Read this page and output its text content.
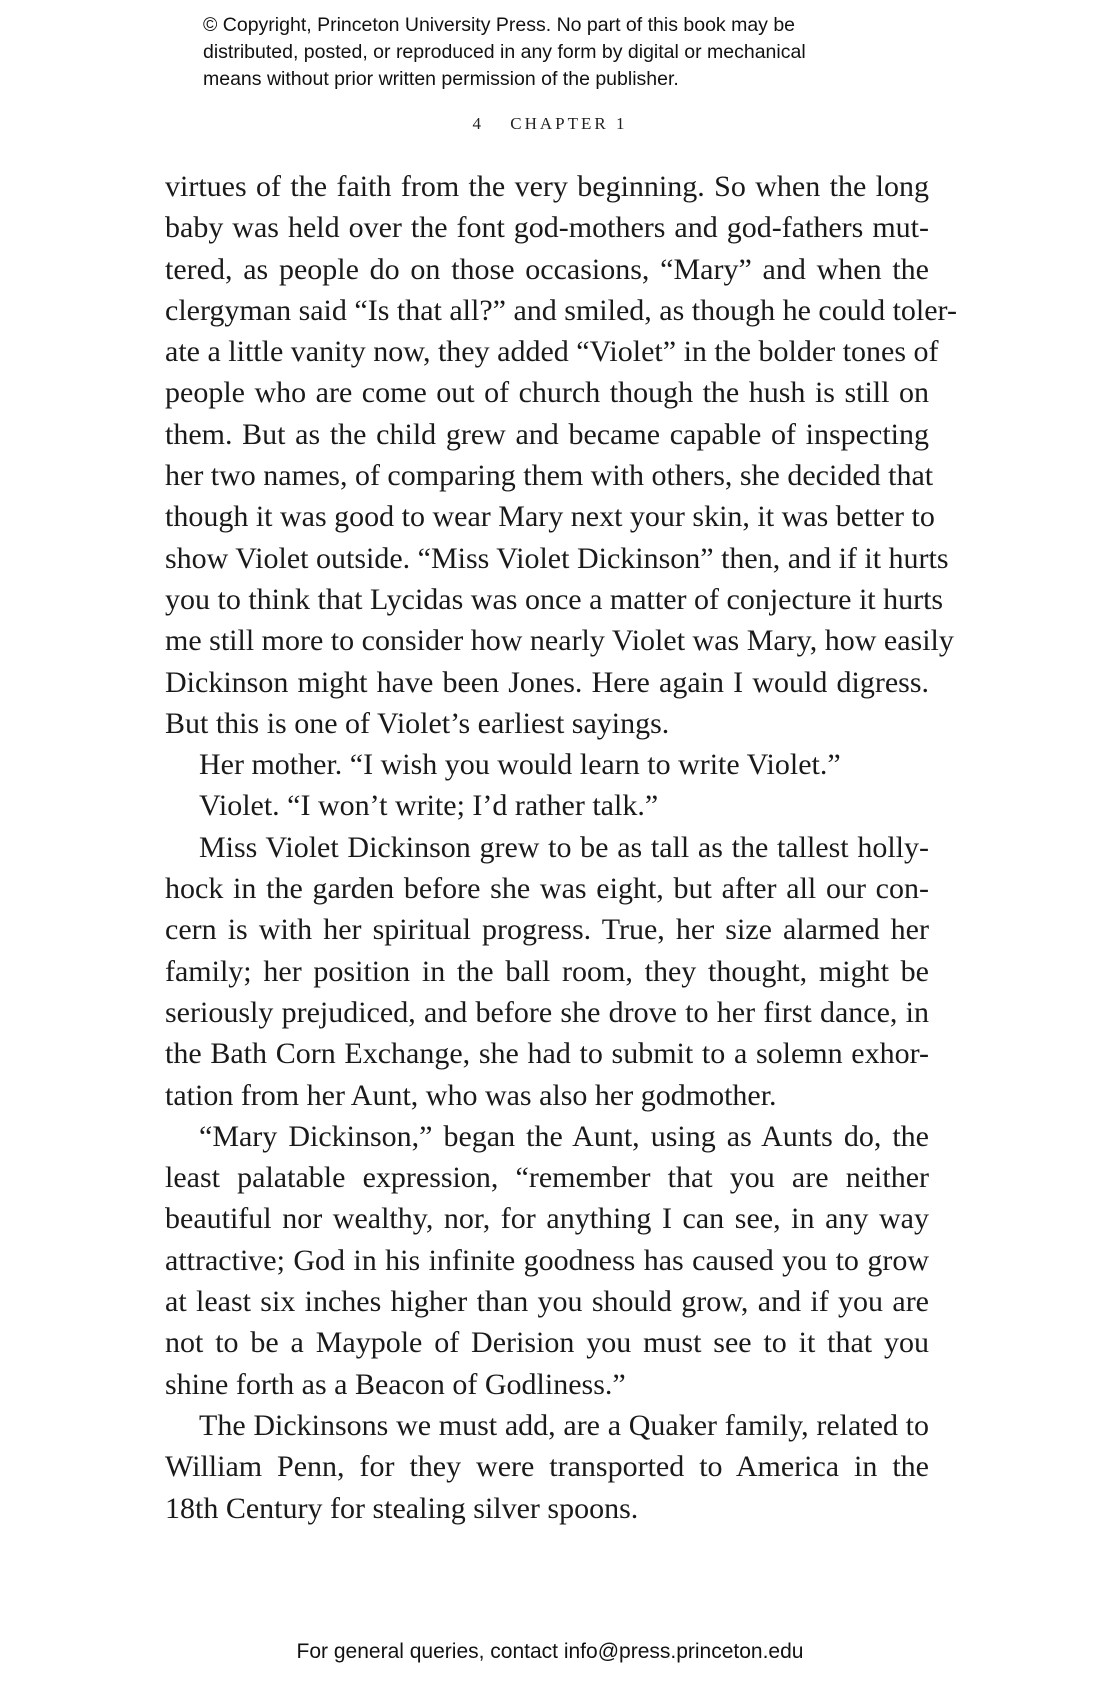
© Copyright, Princeton University Press. No part of this book may be
distributed, posted, or reproduced in any form by digital or mechanical
means without prior written permission of the publisher.
4 CHAPTER 1
virtues of the faith from the very beginning. So when the long
baby was held over the font god-mothers and god-fathers mut-
tered, as people do on those occasions, “Mary” and when the
clergyman said “Is that all?” and smiled, as though he could toler-
ate a little vanity now, they added “Violet” in the bolder tones of
people who are come out of church though the hush is still on
them. But as the child grew and became capable of inspecting
her two names, of comparing them with others, she decided that
though it was good to wear Mary next your skin, it was better to
show Violet outside. “Miss Violet Dickinson” then, and if it hurts
you to think that Lycidas was once a matter of conjecture it hurts
me still more to consider how nearly Violet was Mary, how easily
Dickinson might have been Jones. Here again I would digress.
But this is one of Violet’s earliest sayings.
Her mother. “I wish you would learn to write Violet.”
Violet. “I won’t write; I’d rather talk.”
Miss Violet Dickinson grew to be as tall as the tallest holly-
hock in the garden before she was eight, but after all our con-
cern is with her spiritual progress. True, her size alarmed her
family; her position in the ball room, they thought, might be
seriously prejudiced, and before she drove to her first dance, in
the Bath Corn Exchange, she had to submit to a solemn exhor-
tation from her Aunt, who was also her godmother.
“Mary Dickinson,” began the Aunt, using as Aunts do, the
least palatable expression, “remember that you are neither
beautiful nor wealthy, nor, for anything I can see, in any way
attractive; God in his infinite goodness has caused you to grow
at least six inches higher than you should grow, and if you are
not to be a Maypole of Derision you must see to it that you
shine forth as a Beacon of Godliness.”
The Dickinsons we must add, are a Quaker family, related to
William Penn, for they were transported to America in the
18th Century for stealing silver spoons.
For general queries, contact info@press.princeton.edu
